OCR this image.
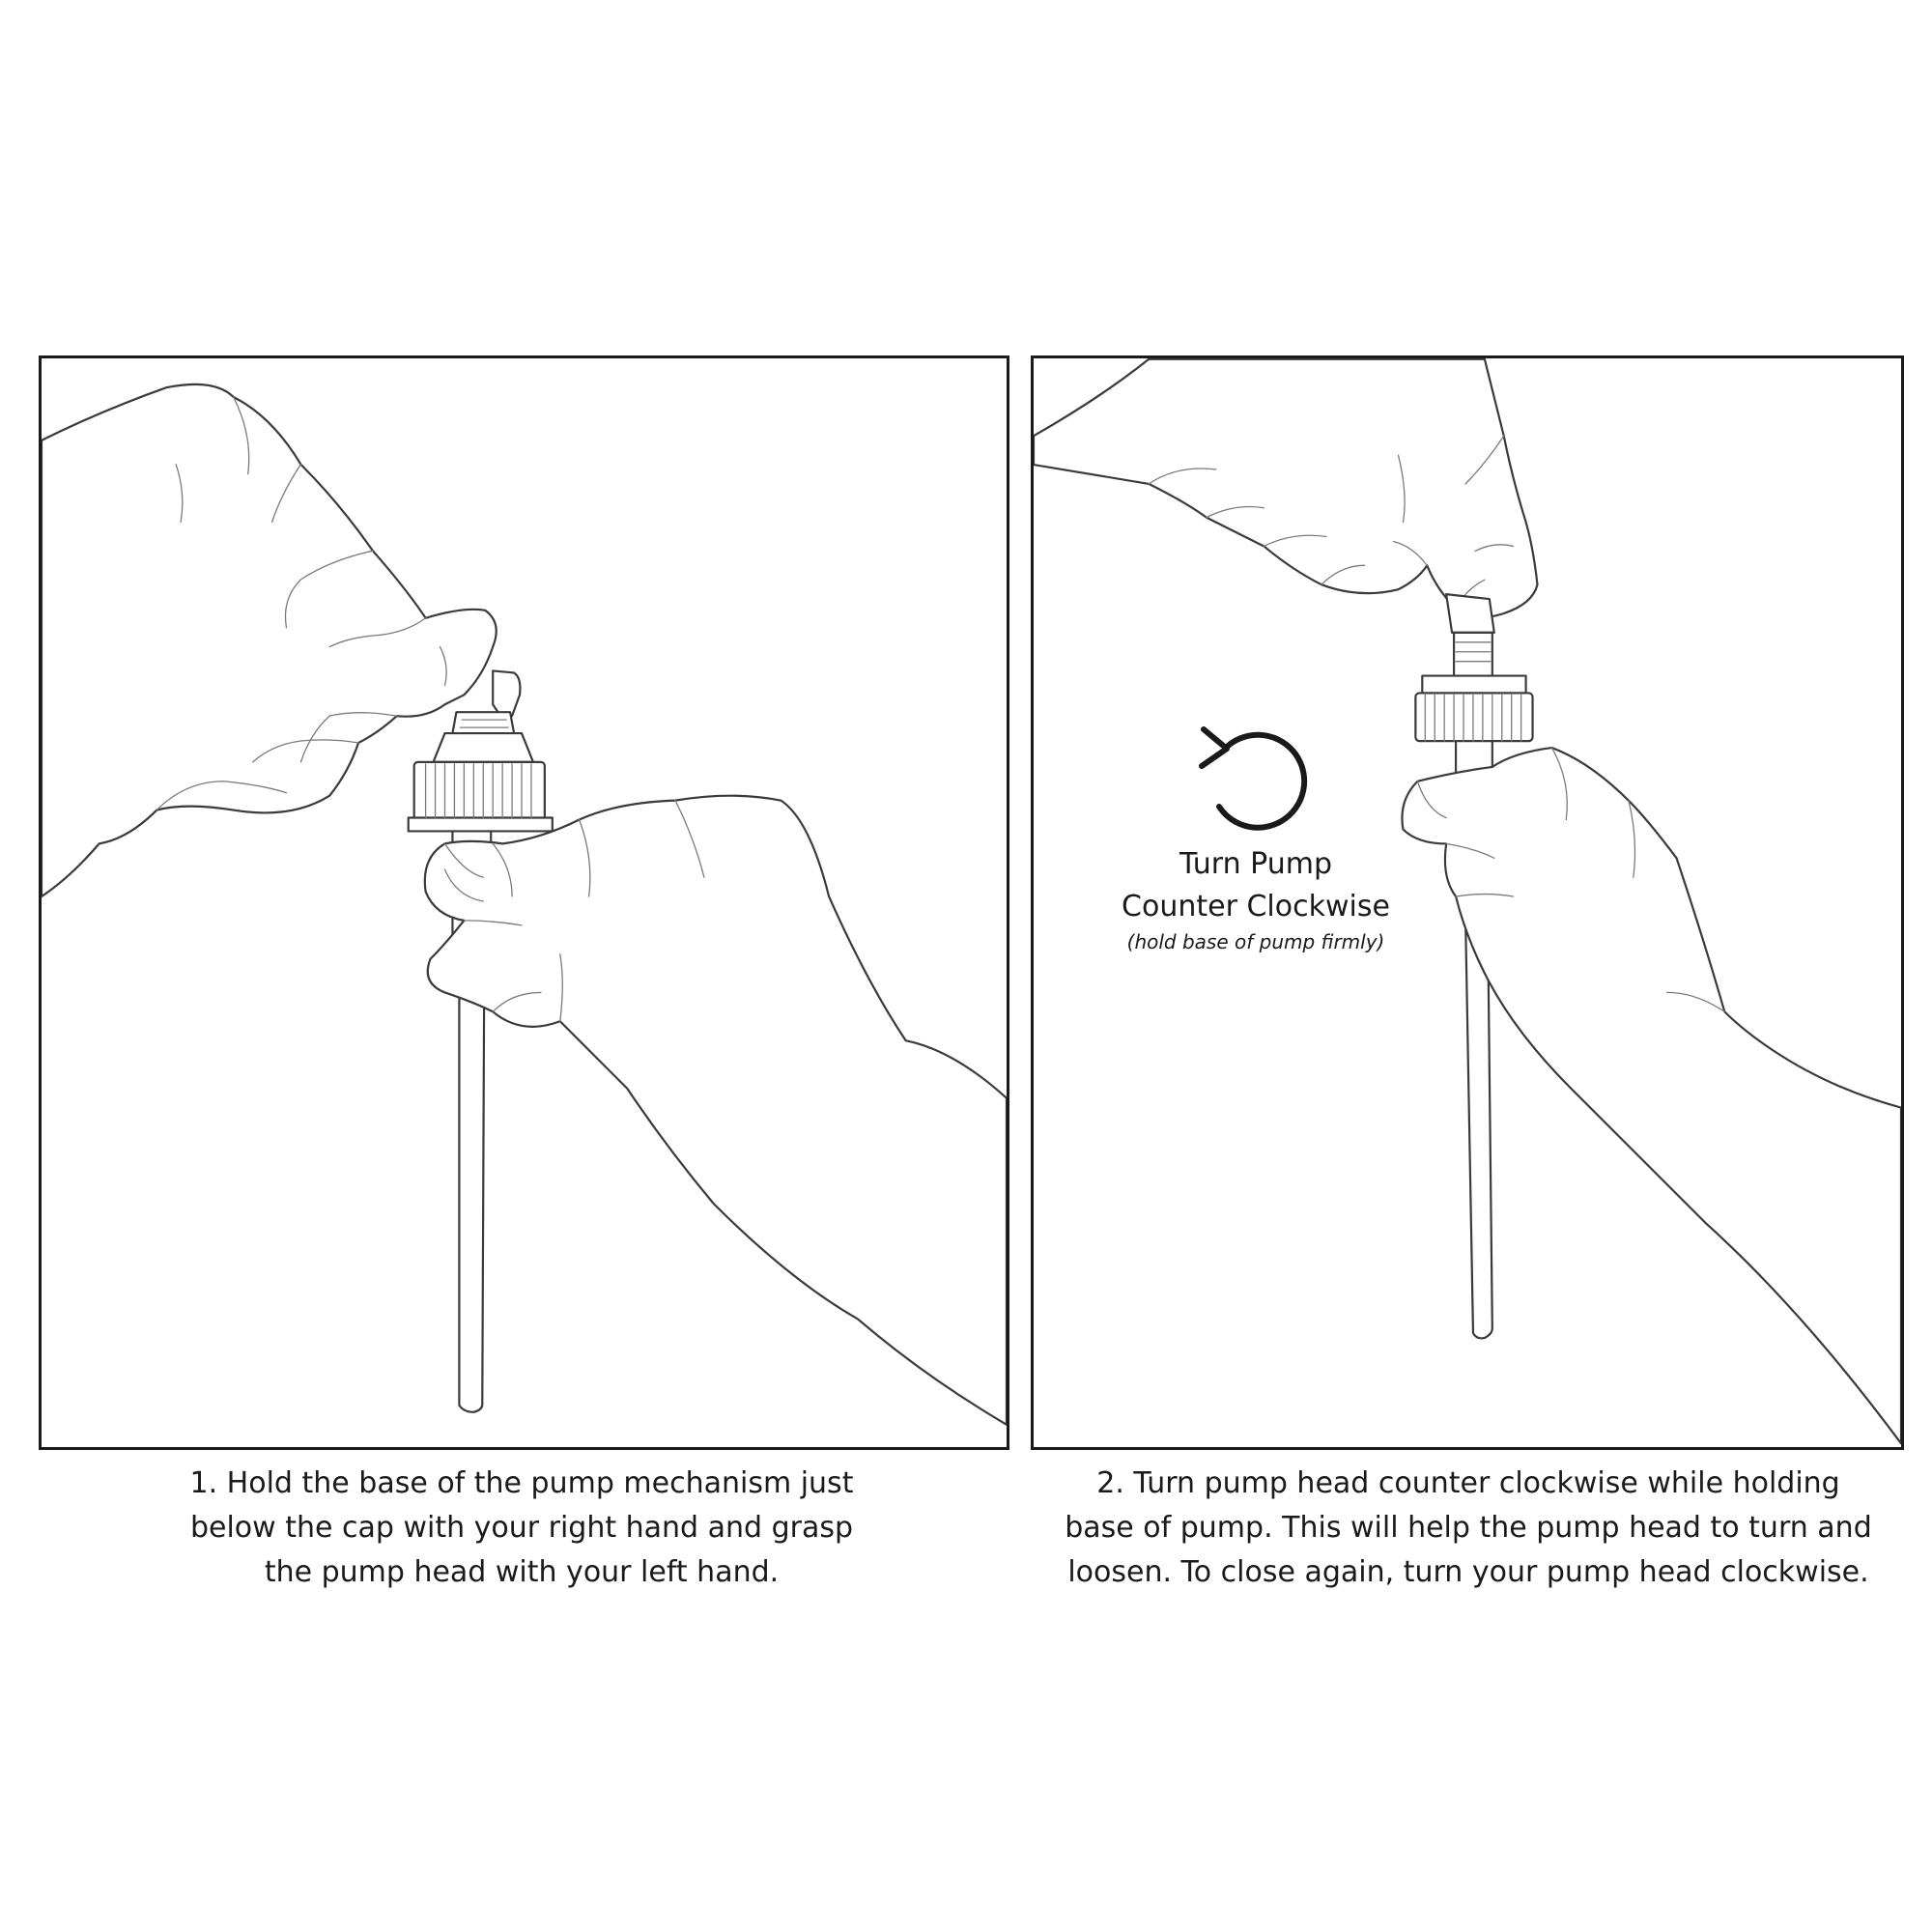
Turn Pump
Counter Clockwise
(hold base of pump firmly)
1. Hold the base of the pump mechanism just
below the cap with your right hand and grasp
the pump head with your left hand.
2. Turn pump head counter clockwise while holding
base of pump. This will help the pump head to turn and
loosen. To close again, turn your pump head clockwise.
